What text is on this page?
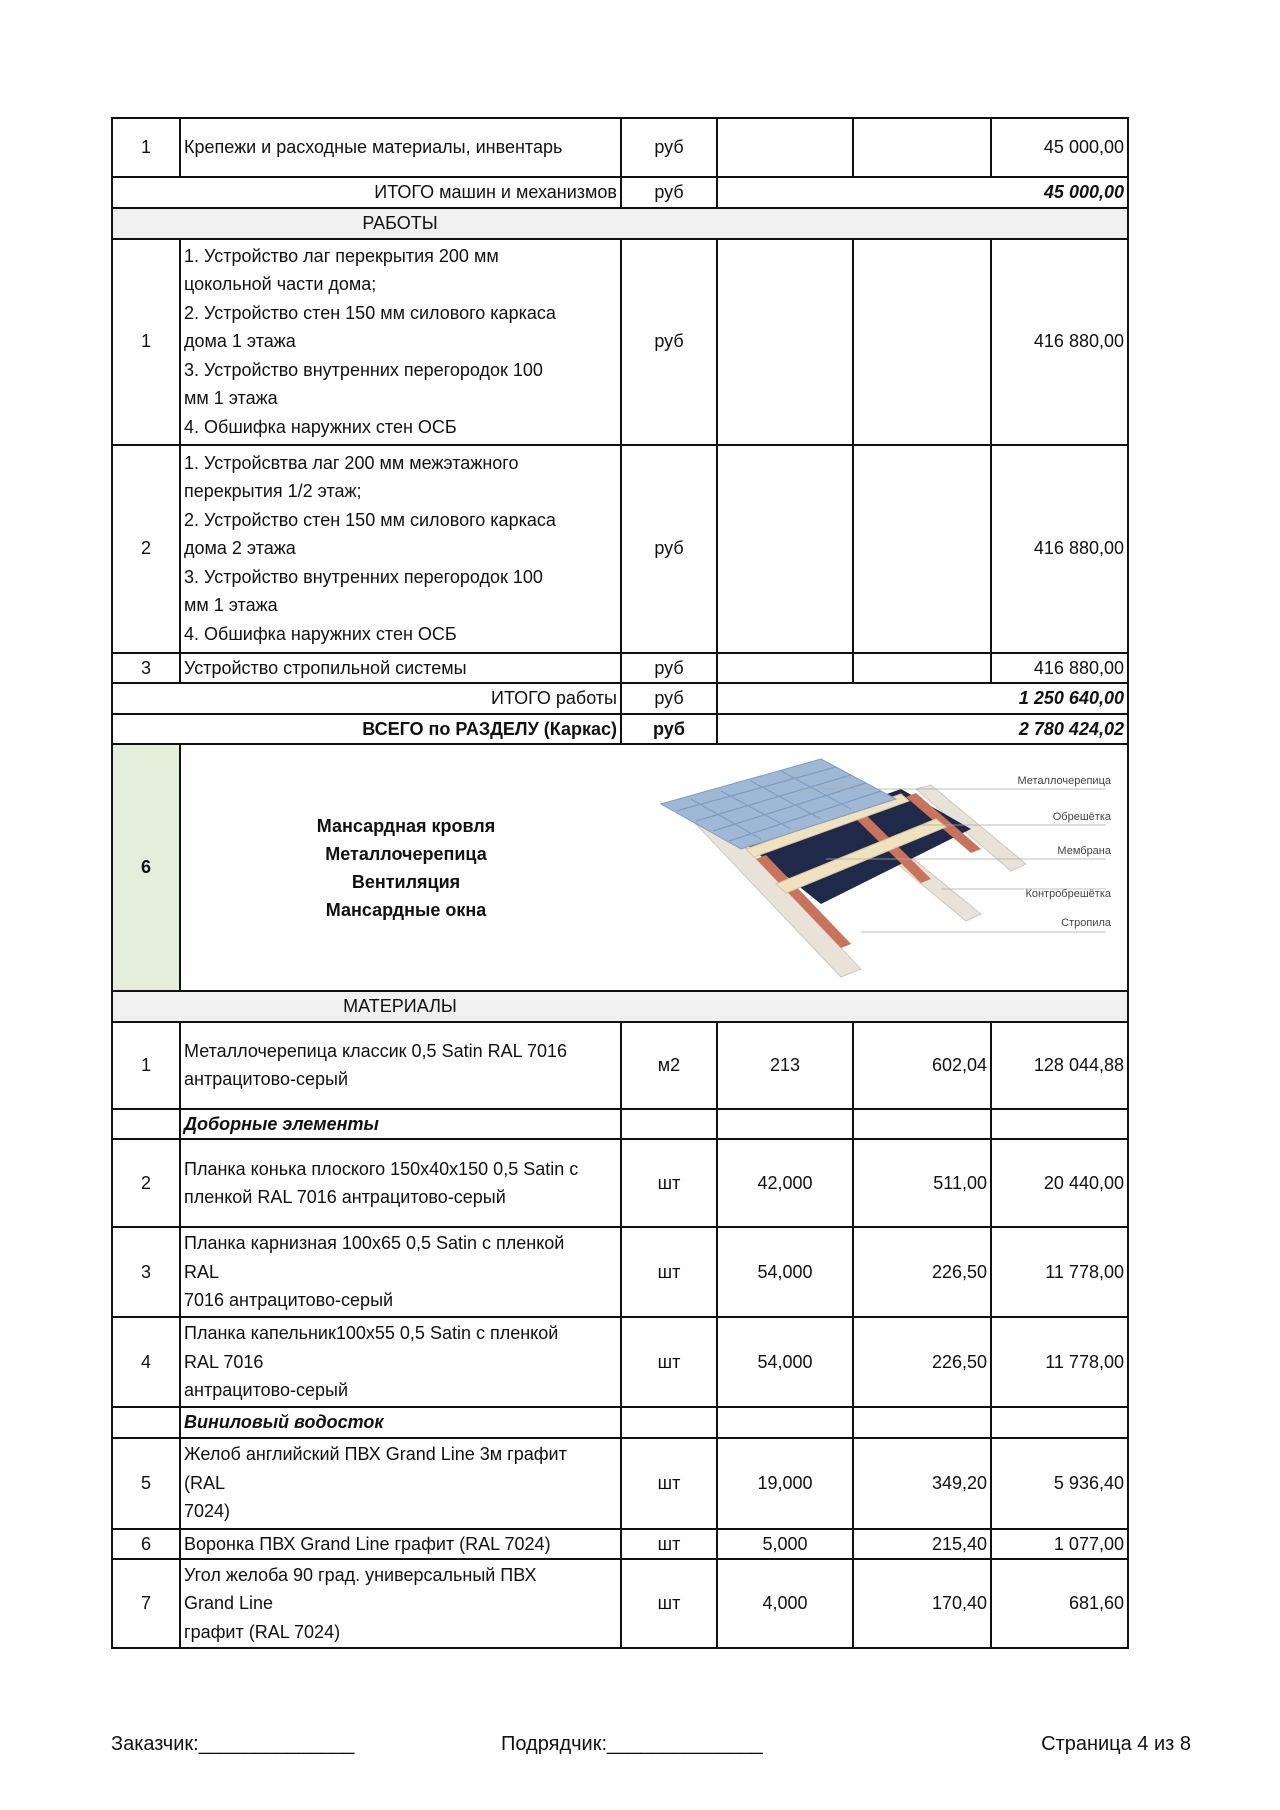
1	Крепежи и расходные материалы, инвентарь	руб			45 000,00
ИТОГО машин и механизмов		руб	45 000,00		
РАБОТЫ					
1	
1. Устройство лаг перекрытия 200 мм
цокольной части дома;
2. Устройство стен 150 мм силового каркаса
дома 1 этажа
3. Устройство внутренних перегородок 100
мм 1 этажа
4. Обшифка наружних стен ОСБ
	руб			416 880,00
2	
1. Устройсвтва лаг 200 мм межэтажного
перекрытия 1/2 этаж;
2. Устройство стен 150 мм силового каркаса
дома 2 этажа
3. Устройство внутренних перегородок 100
мм 1 этажа
4. Обшифка наружних стен ОСБ
	руб			416 880,00
3	Устройство стропильной системы	руб			416 880,00
ИТОГО работы		руб	1 250 640,00		
ВСЕГО по РАЗДЕЛУ (Каркас)		руб	2 780 424,02		
6	
Мансардная кровля
Металлочерепица
Вентиляция
Мансардные окна
Металлочерепица
Обрешётка
Мембрана
Контробрешётка
Стропила

МАТЕРИАЛЫ					
1	Металлочерепица классик 0,5 Satin RAL 7016
антрацитово-серый	м2	213	602,04	128 044,88
	Доборные элементы				
2	Планка конька плоского 150х40х150 0,5 Satin с
пленкой RAL 7016 антрацитово-серый	шт	42,000	511,00	20 440,00
3	Планка карнизная 100х65 0,5 Satin с пленкой
RAL
7016 антрацитово-серый	шт	54,000	226,50	11 778,00
4	Планка капельник100х55 0,5 Satin с пленкой
RAL 7016
антрацитово-серый	шт	54,000	226,50	11 778,00
	Виниловый водосток				
5	Желоб английский ПВХ Grand Line 3м графит
(RAL
7024)	шт	19,000	349,20	5 936,40
6	Воронка ПВХ Grand Line графит (RAL 7024)	шт	5,000	215,40	1 077,00
7	Угол желоба 90 град. универсальный ПВХ
Grand Line
графит (RAL 7024)	шт	4,000	170,40	681,60
Заказчик:______________	Подрядчик:______________	Страница 4 из 8
